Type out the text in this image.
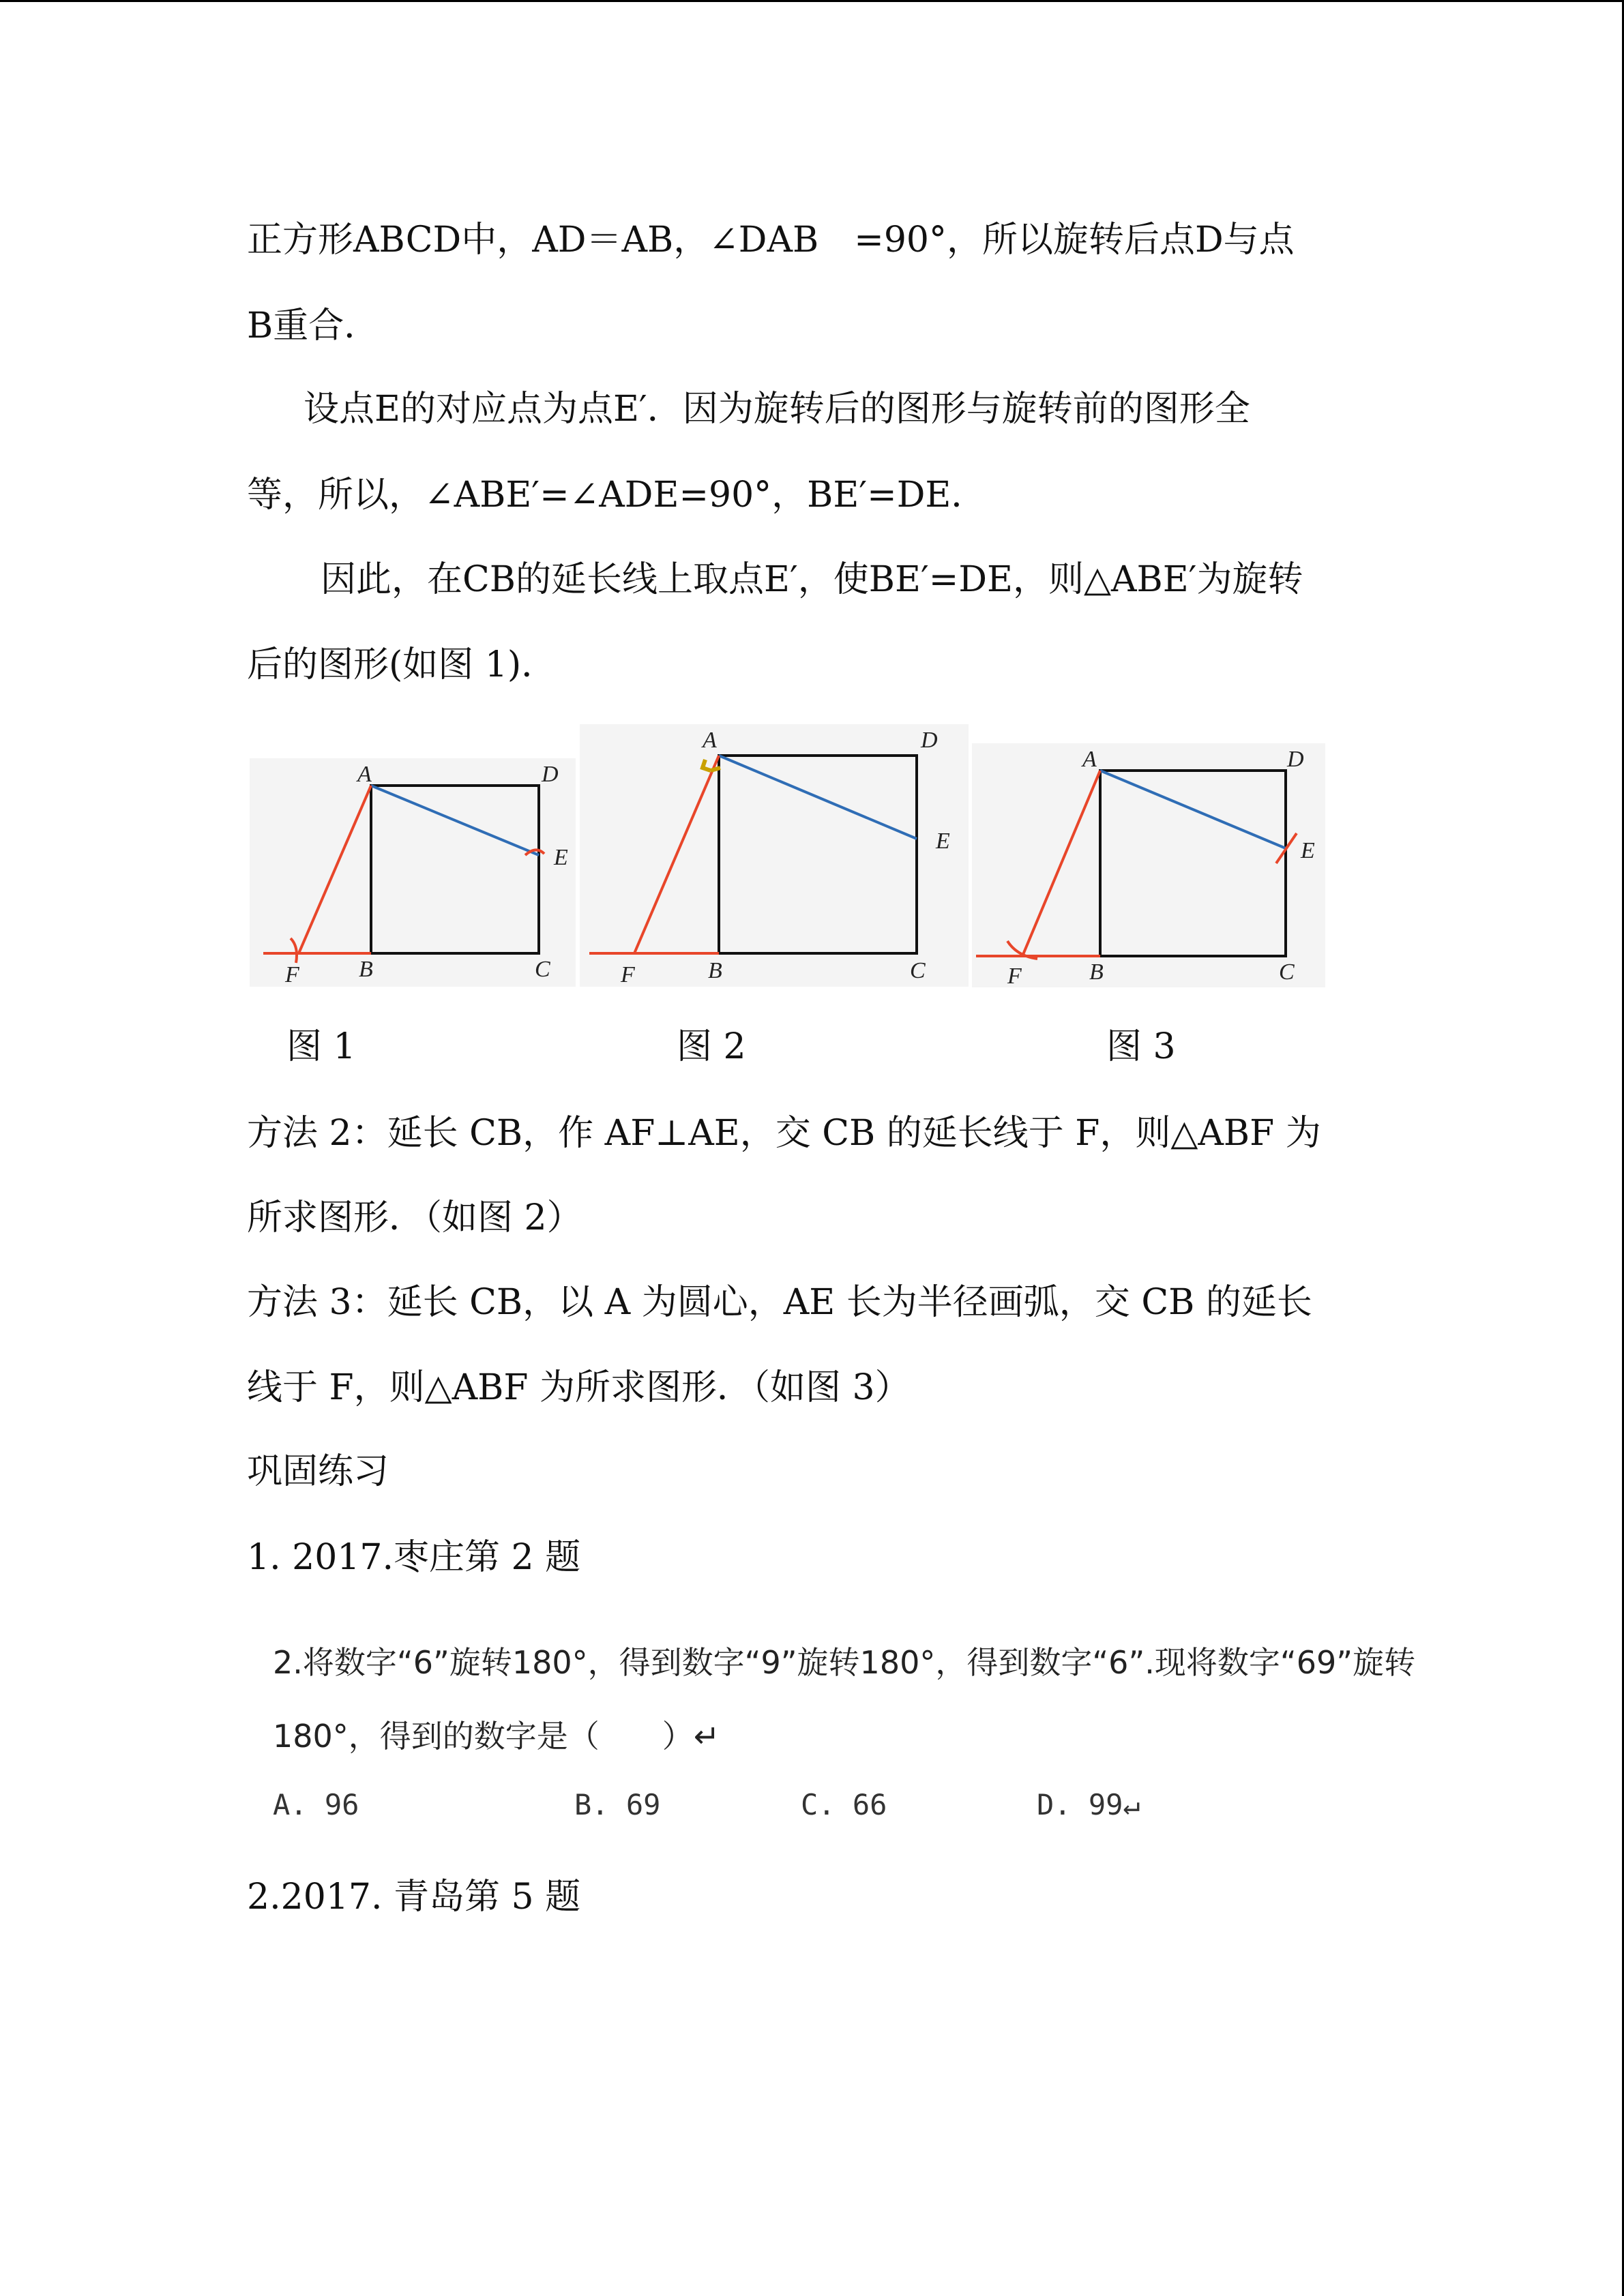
正方形ABCD中，AD＝AB，∠DAB　=90°，所以旋转后点D与点
B重合．
设点E的对应点为点E′．因为旋转后的图形与旋转前的图形全
等，所以，∠ABE′=∠ADE=90°，BE′=DE．
因此，在CB的延长线上取点E′，使BE′=DE，则△ABE′为旋转
后的图形(如图 1)．
A	D
E
F	B	C
A	D
E
F	B	C
A	D
E
F	B	C
图 1	图 2	图 3
方法 2：延长 CB，作 AF⊥AE，交 CB 的延长线于 F，则△ABF 为
所求图形．（如图 2）
方法 3：延长 CB，以 A 为圆心，AE 长为半径画弧，交 CB 的延长
线于 F，则△ABF 为所求图形．（如图 3）
巩固练习
1. 2017.枣庄第 2 题
2.将数字“6”旋转180°，得到数字“9”旋转180°，得到数字“6”.现将数字“69”旋转
180°，得到的数字是（　　）↵
A. 96	B. 69	C. 66	D. 99↵
2.2017. 青岛第 5 题
